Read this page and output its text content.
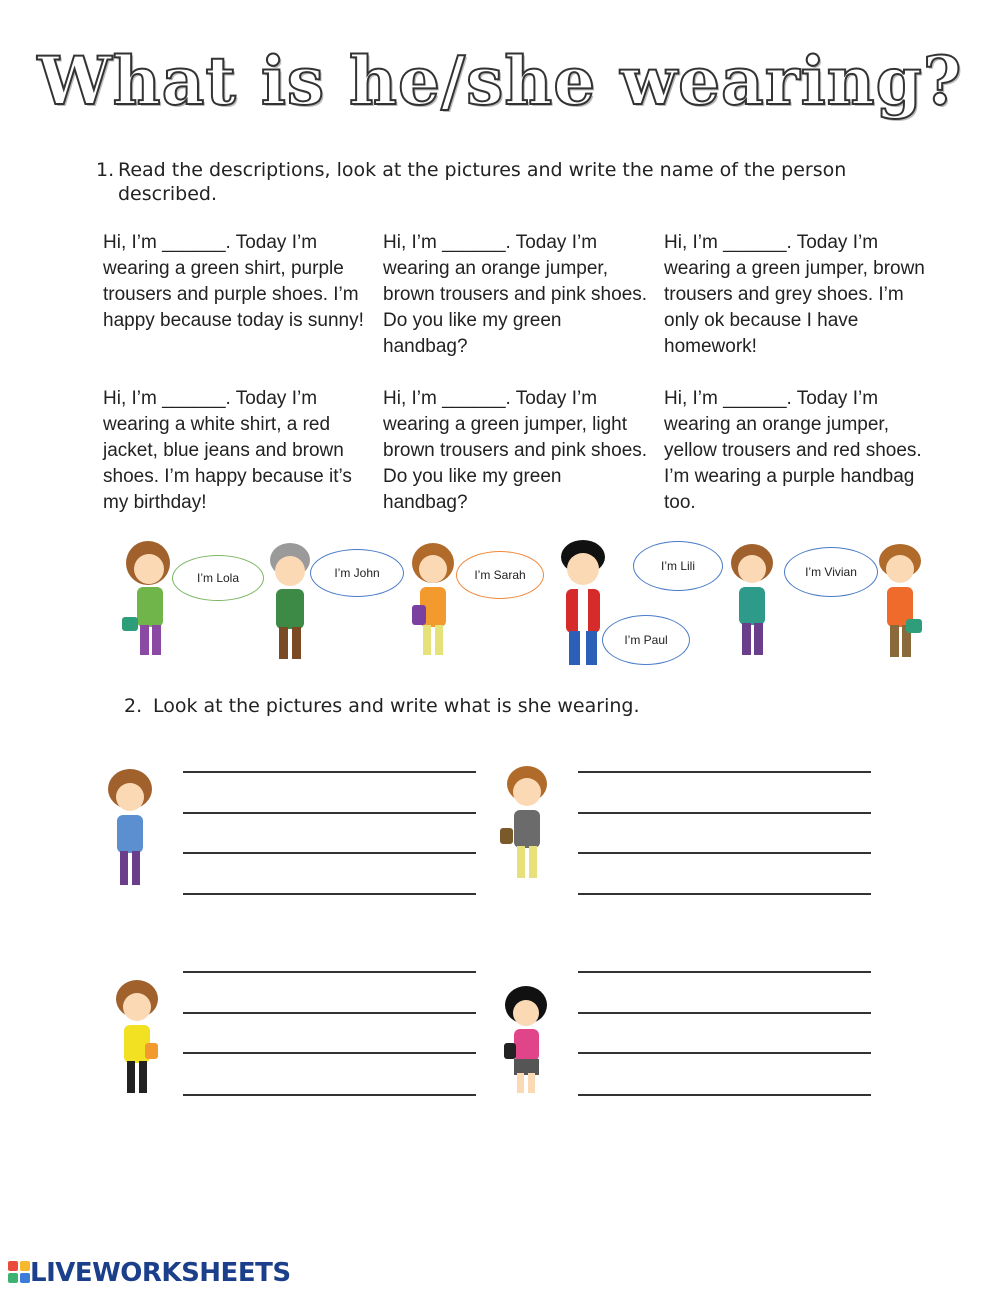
What is he/she wearing?
1. Read the descriptions, look at the pictures and write the name of the person
described.
Hi, I’m ______. Today I’m wearing a green shirt, purple trousers and purple shoes. I’m happy because today is sunny!
Hi, I’m ______. Today I’m wearing an orange jumper, brown trousers and pink shoes. Do you like my green handbag?
Hi, I’m ______. Today I’m wearing a green jumper, brown trousers and grey shoes. I’m only ok because I have homework!
Hi, I’m ______. Today I’m wearing a white shirt, a red jacket, blue jeans and brown shoes. I’m happy because it’s my birthday!
Hi, I’m ______. Today I’m wearing a green jumper, light brown trousers and pink shoes. Do you like my green handbag?
Hi, I’m ______. Today I’m wearing an orange jumper, yellow trousers and red shoes. I’m wearing a purple handbag too.
I’m Lola	I’m John	I’m Sarah
I’m Lili
I’m Paul
I’m Vivian
2. Look at the pictures and write what is she wearing.
LIVEWORKSHEETS
